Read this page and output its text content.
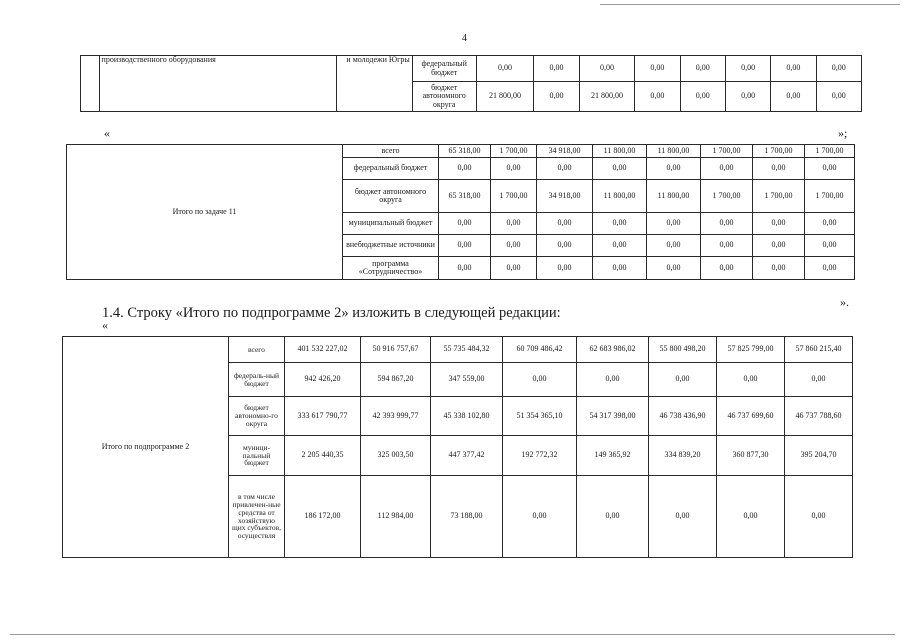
4
	производственного оборудования	и молодежи Югры	федеральный бюджет	0,00	0,00	0,00	0,00	0,00	0,00	0,00	0,00
			бюджет автономного округа	21 800,00	0,00	21 800,00	0,00	0,00	0,00	0,00	0,00
«	»;
Итого по задаче 11	всего	65 318,00	1 700,00	34 918,00	11 800,00	11 800,00	1 700,00	1 700,00	1 700,00
	федеральный бюджет	0,00	0,00	0,00	0,00	0,00	0,00	0,00	0,00
	бюджет автономного округа	65 318,00	1 700,00	34 918,00	11 800,00	11 800,00	1 700,00	1 700,00	1 700,00
	муниципальный бюджет	0,00	0,00	0,00	0,00	0,00	0,00	0,00	0,00
	внебюджетные источники	0,00	0,00	0,00	0,00	0,00	0,00	0,00	0,00
	программа «Сотрудничество»	0,00	0,00	0,00	0,00	0,00	0,00	0,00	0,00
».
1.4. Строку «Итого по подпрограмме 2» изложить в следующей редакции:
«
Итого по подпрограмме 2	всего	401 532 227,02	50 916 757,67	55 735 484,32	60 709 486,42	62 683 986,02	55 800 498,20	57 825 799,00	57 860 215,40
	федераль-ный бюджет	942 426,20	594 867,20	347 559,00	0,00	0,00	0,00	0,00	0,00
	бюджет автономно-го округа	333 617 790,77	42 393 999,77	45 338 102,80	51 354 365,10	54 317 398,00	46 738 436,90	46 737 699,60	46 737 788,60
	муници-пальный бюджет	2 205 440,35	325 003,50	447 377,42	192 772,32	149 365,92	334 839,20	360 877,30	395 204,70
	в том числе привлечен-ные средства от хозяйствую щих субъектов, осуществля	186 172,00	112 984,00	73 188,00	0,00	0,00	0,00	0,00	0,00
